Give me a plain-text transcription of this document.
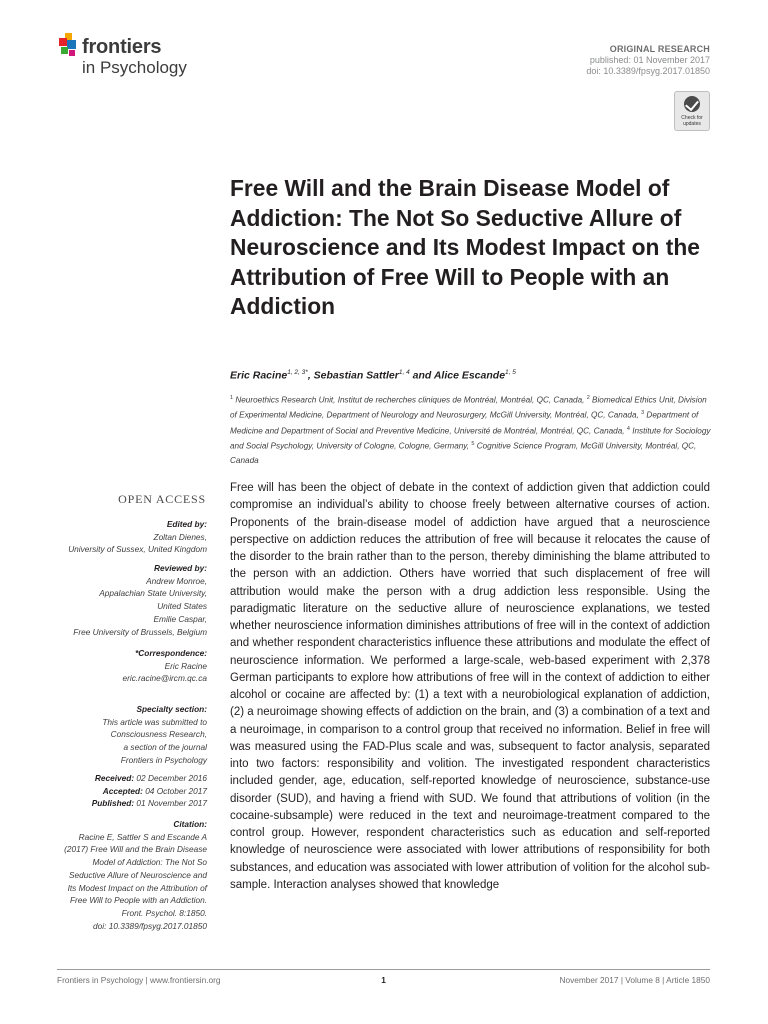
frontiers
in Psychology
ORIGINAL RESEARCH
published: 01 November 2017
doi: 10.3389/fpsyg.2017.01850
Check for updates
Free Will and the Brain Disease Model of Addiction: The Not So Seductive Allure of Neuroscience and Its Modest Impact on the Attribution of Free Will to People with an Addiction
Eric Racine$^{1, 2, 3*}$, Sebastian Sattler$^{1, 4}$ and Alice Escande$^{1, 5}$
$^1$ Neuroethics Research Unit, Institut de recherches cliniques de Montréal, Montréal, QC, Canada, $^2$ Biomedical Ethics Unit, Division of Experimental Medicine, Department of Neurology and Neurosurgery, McGill University, Montréal, QC, Canada, $^3$ Department of Medicine and Department of Social and Preventive Medicine, Université de Montréal, Montréal, QC, Canada, $^4$ Institute for Sociology and Social Psychology, University of Cologne, Cologne, Germany, $^5$ Cognitive Science Program, McGill University, Montréal, QC, Canada
OPEN ACCESS
Edited by:
Zoltan Dienes,
University of Sussex, United Kingdom
Reviewed by:
Andrew Monroe,
Appalachian State University,
United States
Emilie Caspar,
Free University of Brussels, Belgium
*Correspondence:
Eric Racine
eric.racine@ircm.qc.ca
Specialty section:
This article was submitted to
Consciousness Research,
a section of the journal
Frontiers in Psychology
Received: 02 December 2016
Accepted: 04 October 2017
Published: 01 November 2017
Citation:
Racine E, Sattler S and Escande A
(2017) Free Will and the Brain Disease
Model of Addiction: The Not So
Seductive Allure of Neuroscience and
Its Modest Impact on the Attribution of
Free Will to People with an Addiction.
Front. Psychol. 8:1850.
doi: 10.3389/fpsyg.2017.01850

Free will has been the object of debate in the context of addiction given that addiction could compromise an individual’s ability to choose freely between alternative courses of action. Proponents of the brain-disease model of addiction have argued that a neuroscience perspective on addiction reduces the attribution of free will because it relocates the cause of the disorder to the brain rather than to the person, thereby diminishing the blame attributed to the person with an addiction. Others have worried that such displacement of free will attribution would make the person with a drug addiction less responsible. Using the paradigmatic literature on the seductive allure of neuroscience explanations, we tested whether neuroscience information diminishes attributions of free will in the context of addiction and whether respondent characteristics influence these attributions and modulate the effect of neuroscience information. We performed a large-scale, web-based experiment with 2,378 German participants to explore how attributions of free will in the context of addiction to either alcohol or cocaine are affected by: (1) a text with a neurobiological explanation of addiction, (2) a neuroimage showing effects of addiction on the brain, and (3) a combination of a text and a neuroimage, in comparison to a control group that received no information. Belief in free will was measured using the FAD-Plus scale and was, subsequent to factor analysis, separated into two factors: responsibility and volition. The investigated respondent characteristics included gender, age, education, self-reported knowledge of neuroscience, substance-use disorder (SUD), and having a friend with SUD. We found that attributions of volition (in the cocaine-subsample) were reduced in the text and neuroimage-treatment compared to the control group. However, respondent characteristics such as education and self-reported knowledge of neuroscience were associated with lower attributions of responsibility for both substances, and education was associated with lower attribution of volition for the alcohol sub-sample. Interaction analyses showed that knowledge

Frontiers in Psychology | www.frontiersin.org	1	November 2017 | Volume 8 | Article 1850
